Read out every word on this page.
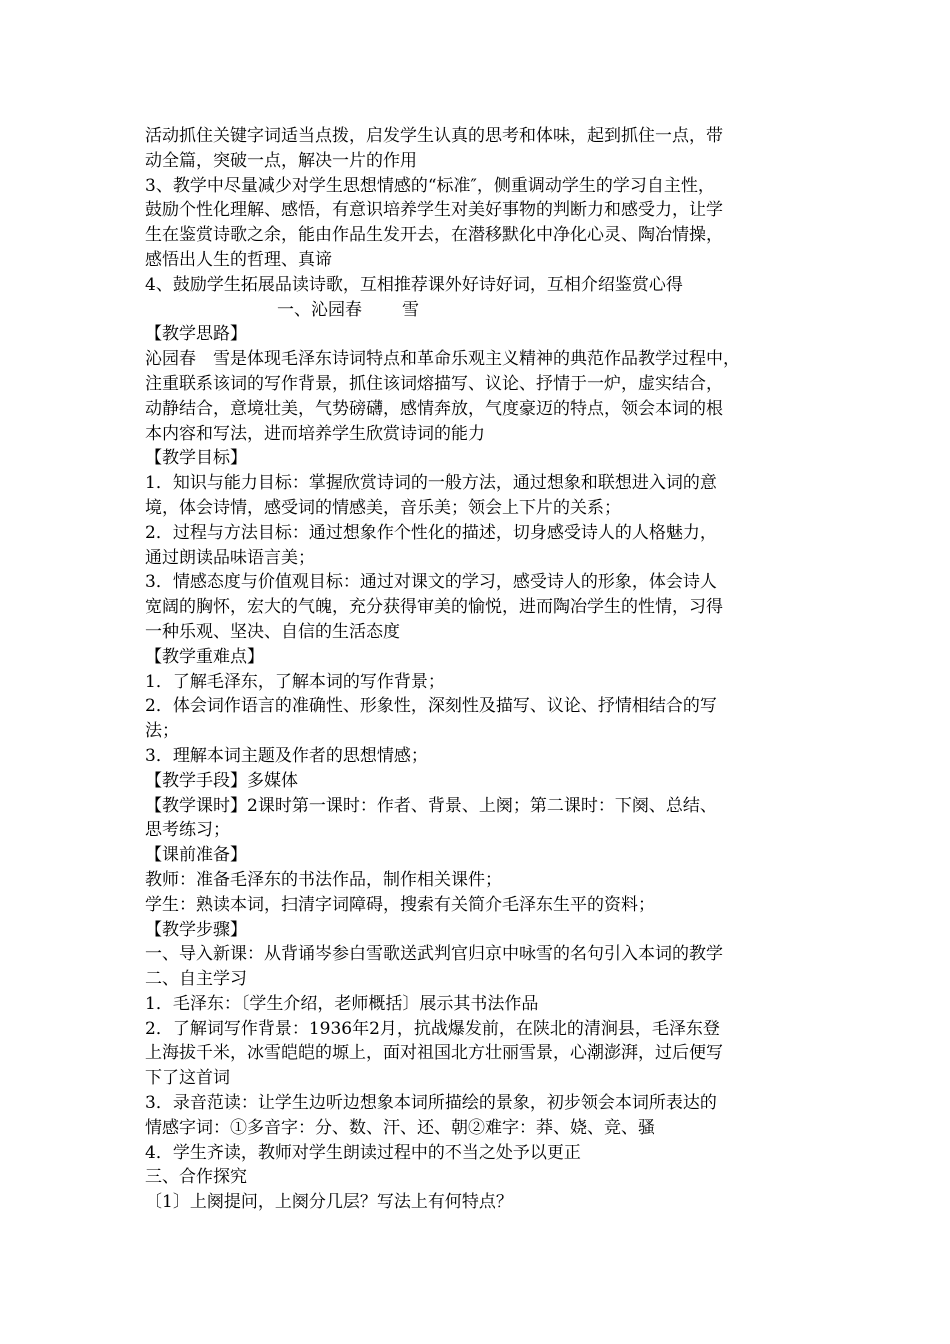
活动抓住关键字词适当点拨，启发学生认真的思考和体味，起到抓住一点，带
动全篇，突破一点，解决一片的作用
3、教学中尽量减少对学生思想情感的“标准″，侧重调动学生的学习自主性，
鼓励个性化理解、感悟，有意识培养学生对美好事物的判断力和感受力，让学
生在鉴赏诗歌之余，能由作品生发开去，在潜移默化中净化心灵、陶冶情操，
感悟出人生的哲理、真谛
4、鼓励学生拓展品读诗歌，互相推荐课外好诗好词，互相介绍鉴赏心得
一、沁园春 雪
【教学思路】
沁园春　雪是体现毛泽东诗词特点和革命乐观主义精神的典范作品教学过程中，
注重联系该词的写作背景，抓住该词熔描写、议论、抒情于一炉，虚实结合，
动静结合，意境壮美，气势磅礴，感情奔放，气度豪迈的特点，领会本词的根
本内容和写法，进而培养学生欣赏诗词的能力
【教学目标】
1．知识与能力目标：掌握欣赏诗词的一般方法，通过想象和联想进入词的意
境，体会诗情，感受词的情感美，音乐美；领会上下片的关系；
2．过程与方法目标：通过想象作个性化的描述，切身感受诗人的人格魅力，
通过朗读品味语言美；
3．情感态度与价值观目标：通过对课文的学习，感受诗人的形象，体会诗人
宽阔的胸怀，宏大的气魄，充分获得审美的愉悦，进而陶冶学生的性情，习得
一种乐观、坚决、自信的生活态度
【教学重难点】
1．了解毛泽东，了解本词的写作背景；
2．体会词作语言的准确性、形象性，深刻性及描写、议论、抒情相结合的写
法；
3．理解本词主题及作者的思想情感；
【教学手段】多媒体
【教学课时】2课时第一课时：作者、背景、上阕；第二课时：下阕、总结、
思考练习；
【课前准备】
教师：准备毛泽东的书法作品，制作相关课件；
学生：熟读本词，扫清字词障碍，搜索有关简介毛泽东生平的资料；
【教学步骤】
一、导入新课：从背诵岑参白雪歌送武判官归京中咏雪的名句引入本词的教学
二、自主学习
1．毛泽东：〔学生介绍，老师概括〕展示其书法作品
2．了解词写作背景：1936年2月，抗战爆发前，在陕北的清涧县，毛泽东登
上海拔千米，冰雪皑皑的塬上，面对祖国北方壮丽雪景，心潮澎湃，过后便写
下了这首词
3．录音范读：让学生边听边想象本词所描绘的景象，初步领会本词所表达的
情感字词：①多音字：分、数、汗、还、朝②难字：莽、娆、竞、骚
4．学生齐读，教师对学生朗读过程中的不当之处予以更正
三、合作探究
〔1〕上阕提问，上阕分几层？写法上有何特点？
